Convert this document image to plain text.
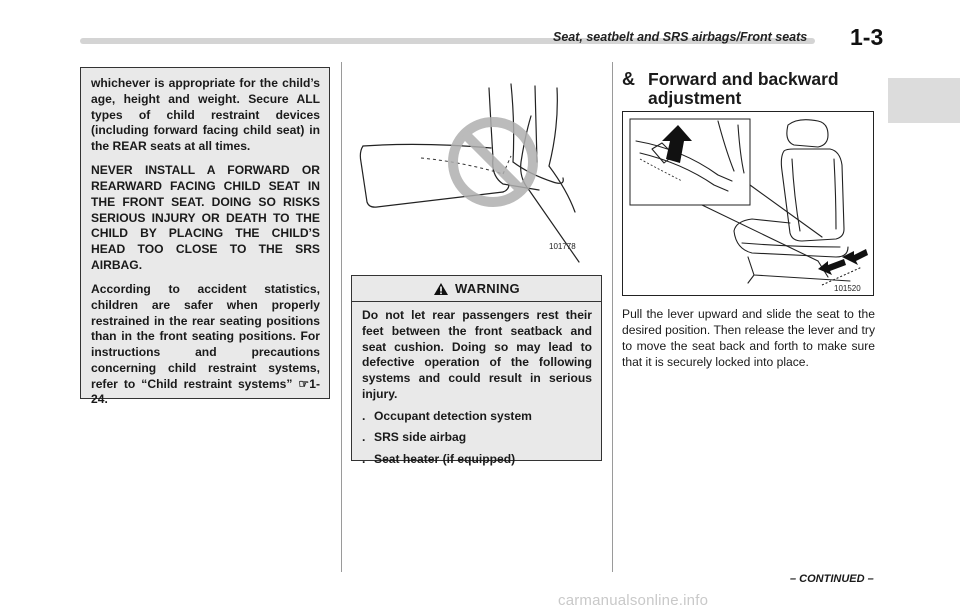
Seat, seatbelt and SRS airbags/Front seats 1-3

whichever is appropriate for the child’s age, height and weight. Secure ALL types of child restraint devices (including forward facing child seat) in the REAR seats at all times.

NEVER INSTALL A FORWARD OR REARWARD FACING CHILD SEAT IN THE FRONT SEAT. DOING SO RISKS SERIOUS INJURY OR DEATH TO THE CHILD BY PLACING THE CHILD’S HEAD TOO CLOSE TO THE SRS AIRBAG.

According to accident statistics, children are safer when properly restrained in the rear seating positions than in the front seating positions. For instructions and precautions concerning child restraint systems, refer to “Child restraint systems” ☞1-24.

101778
WARNING

Do not let rear passengers rest their feet between the front seatback and seat cushion. Doing so may lead to defective operation of the following systems and could result in serious injury.

. Occupant detection system
. SRS side airbag
. Seat heater (if equipped)
& Forward and backward adjustment
101520

Pull the lever upward and slide the seat to the desired position. Then release the lever and try to move the seat back and forth to make sure that it is securely locked into place.

– CONTINUED –
carmanualsonline.info
